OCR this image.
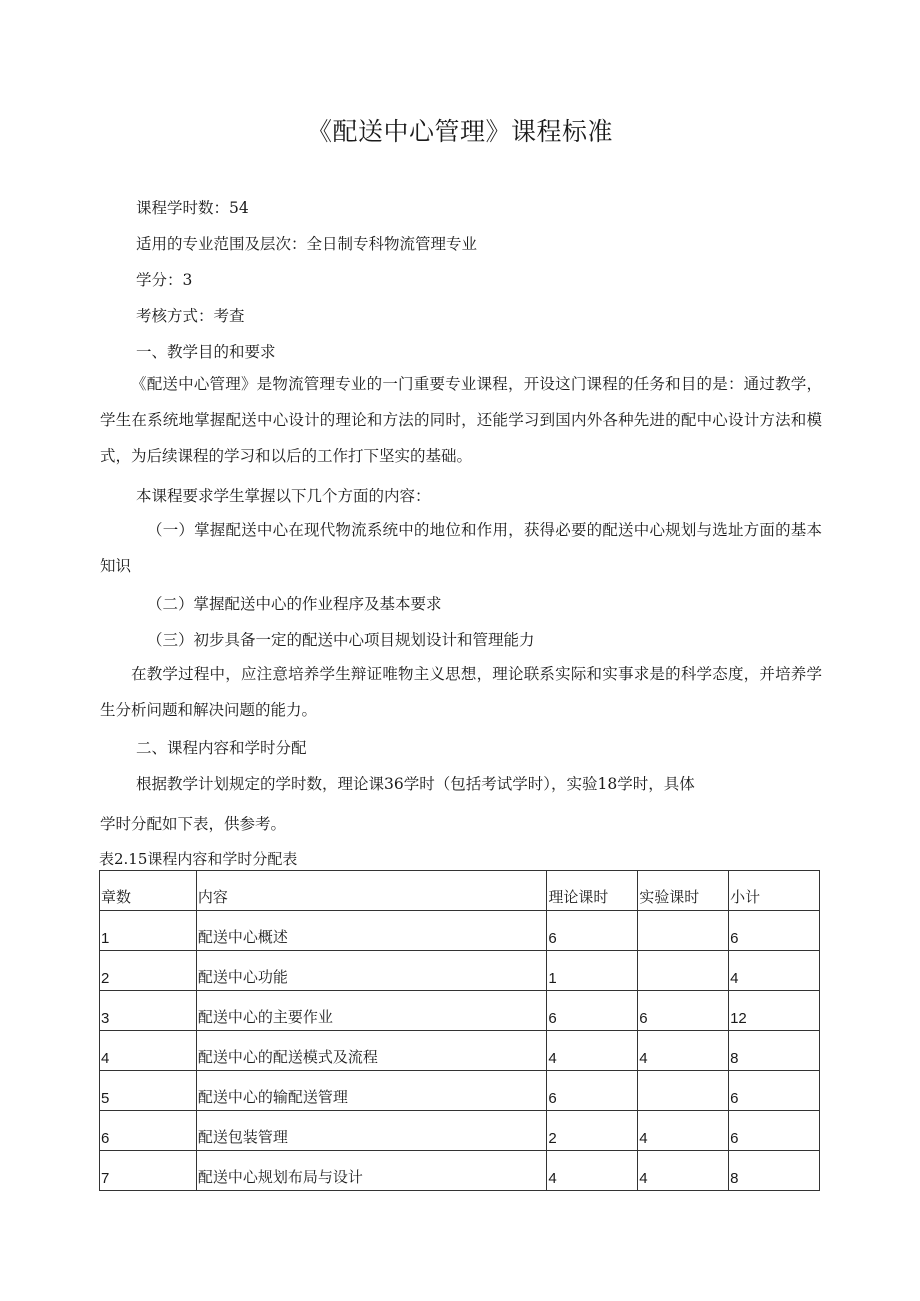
《配送中心管理》课程标准
课程学时数：54
适用的专业范围及层次：全日制专科物流管理专业
学分：3
考核方式：考查
一、教学目的和要求

《配送中心管理》是物流管理专业的一门重要专业课程，开设这门课程的任务和目的是：通过教学，学生在系统地掌握配送中心设计的理论和方法的同时，还能学习到国内外各种先进的配中心设计方法和模式，为后续课程的学习和以后的工作打下坚实的基础。

本课程要求学生掌握以下几个方面的内容：

（一）掌握配送中心在现代物流系统中的地位和作用，获得必要的配送中心规划与选址方面的基本知识

（二）掌握配送中心的作业程序及基本要求
（三）初步具备一定的配送中心项目规划设计和管理能力

在教学过程中，应注意培养学生辩证唯物主义思想，理论联系实际和实事求是的科学态度，并培养学生分析问题和解决问题的能力。

二、课程内容和学时分配
根据教学计划规定的学时数，理论课36学时（包括考试学时），实验18学时，具体
学时分配如下表，供参考。
表2.15课程内容和学时分配表
章数	内容	理论课时	实验课时	小计
1	配送中心概述	6		6
2	配送中心功能	1		4
3	配送中心的主要作业	6	6	12
4	配送中心的配送模式及流程	4	4	8
5	配送中心的输配送管理	6		6
6	配送包装管理	2	4	6
7	配送中心规划布局与设计	4	4	8
